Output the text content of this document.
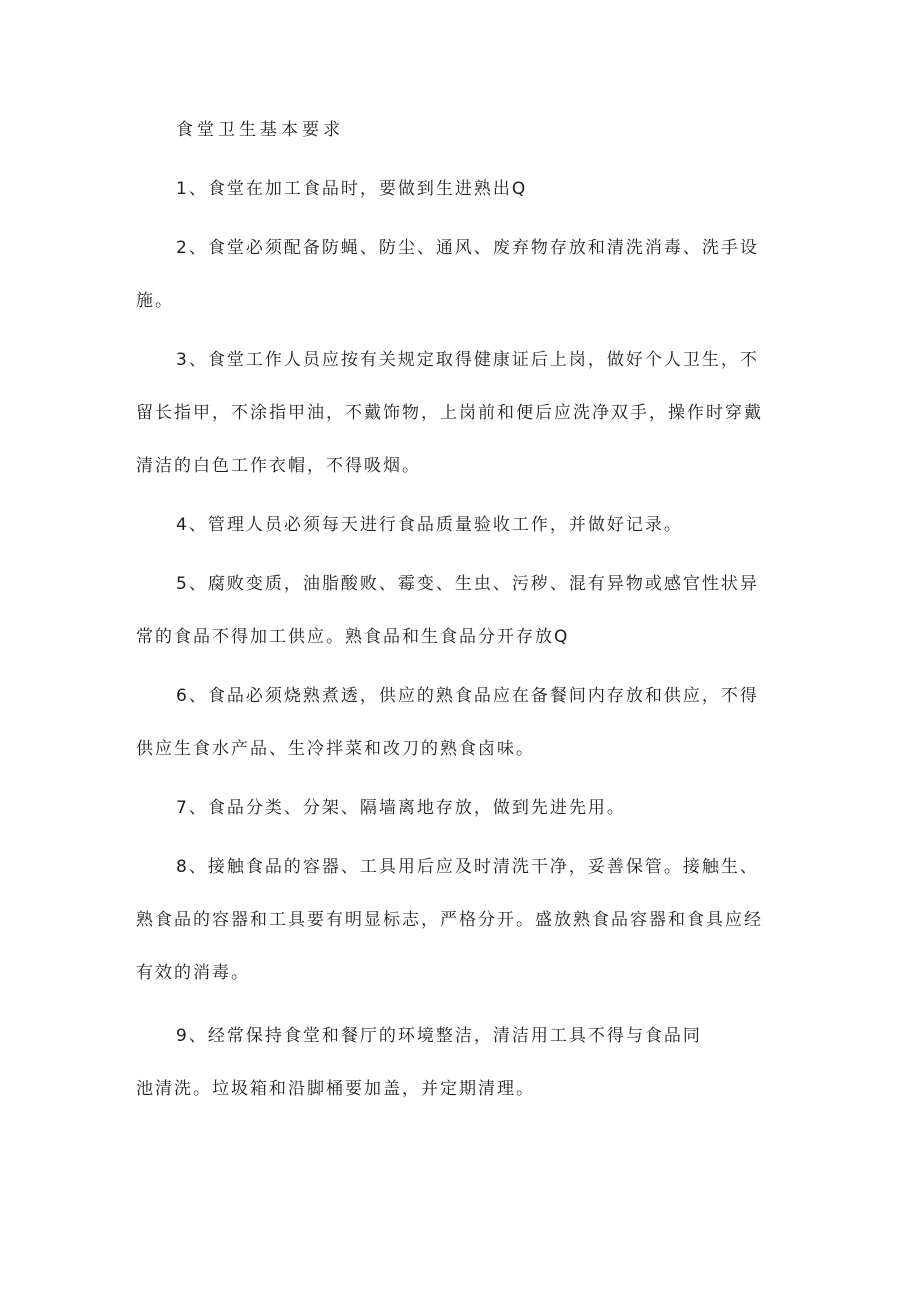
食堂卫生基本要求

1、食堂在加工食品时，要做到生进熟出Q

2、食堂必须配备防蝇、防尘、通风、废弃物存放和清洗消毒、洗手设
施。

3、食堂工作人员应按有关规定取得健康证后上岗，做好个人卫生，不
留长指甲，不涂指甲油，不戴饰物，上岗前和便后应洗净双手，操作时穿戴
清洁的白色工作衣帽，不得吸烟。

4、管理人员必须每天进行食品质量验收工作，并做好记录。

5、腐败变质，油脂酸败、霉变、生虫、污秽、混有异物或感官性状异
常的食品不得加工供应。熟食品和生食品分开存放Q

6、食品必须烧熟煮透，供应的熟食品应在备餐间内存放和供应，不得
供应生食水产品、生冷拌菜和改刀的熟食卤味。

7、食品分类、分架、隔墙离地存放，做到先进先用。

8、接触食品的容器、工具用后应及时清洗干净，妥善保管。接触生、
熟食品的容器和工具要有明显标志，严格分开。盛放熟食品容器和食具应经
有效的消毒。

9、经常保持食堂和餐厅的环境整洁，清洁用工具不得与食品同
池清洗。垃圾箱和沿脚桶要加盖，并定期清理。
